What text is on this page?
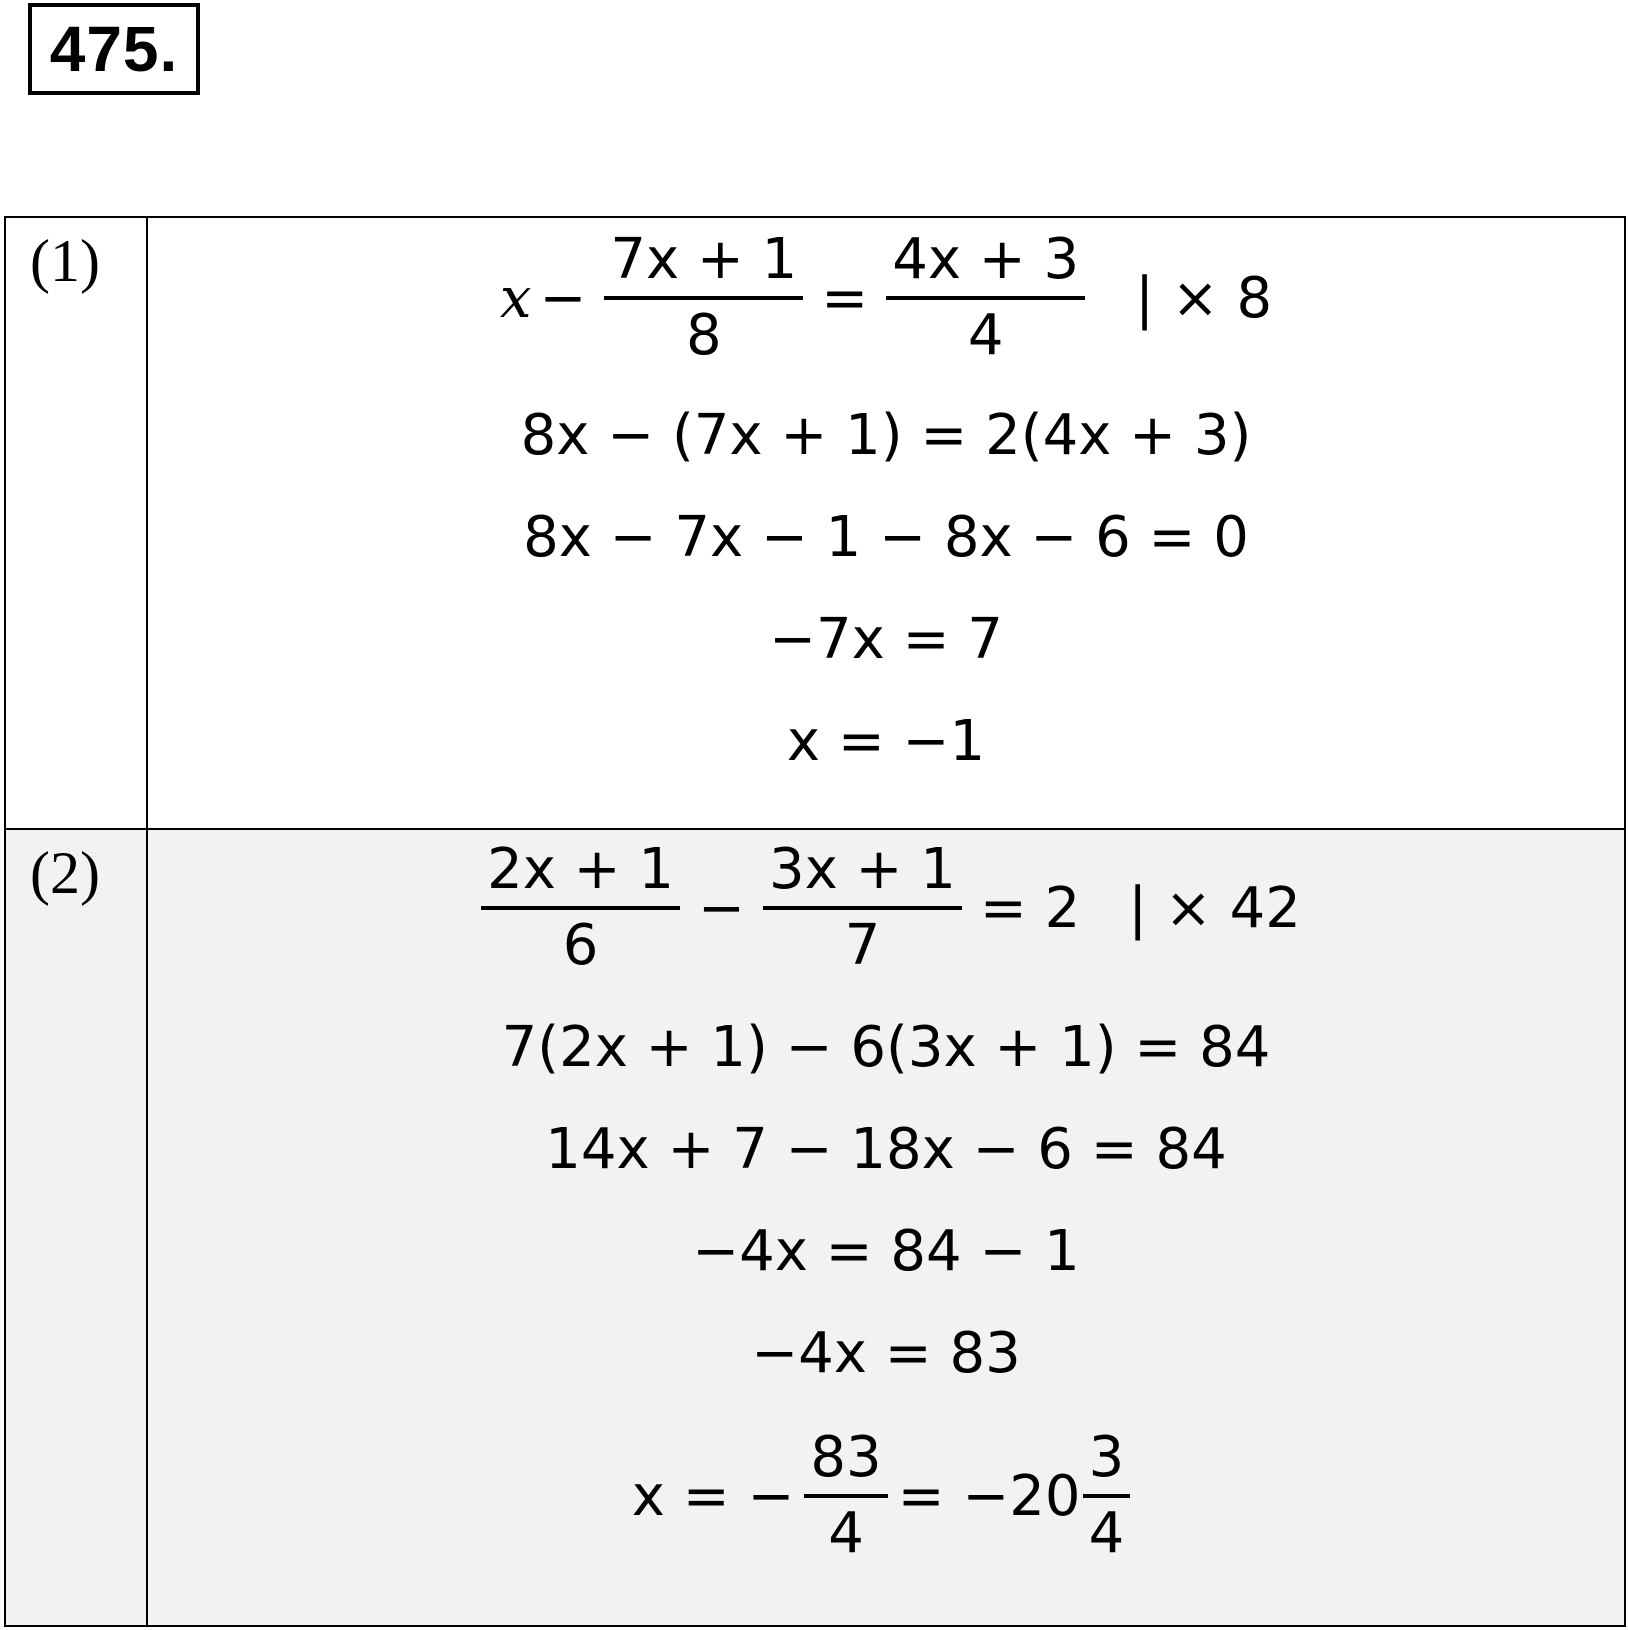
475.
(1)
$x - \frac{7x + 1}{8} = \frac{4x + 3}{4}$ | × 8
8x − (7x + 1) = 2(4x + 3)
8x − 7x − 1 − 8x − 6 = 0
−7x = 7
x = −1
(2)	$\frac{2x + 1}{6} - \frac{3x + 1}{7} = 2$ | × 42
7(2x + 1) − 6(3x + 1) = 84
14x + 7 − 18x − 6 = 84
−4x = 84 − 1
−4x = 83
x = − $\frac{83}{4} = -20 \frac{3}{4}$
